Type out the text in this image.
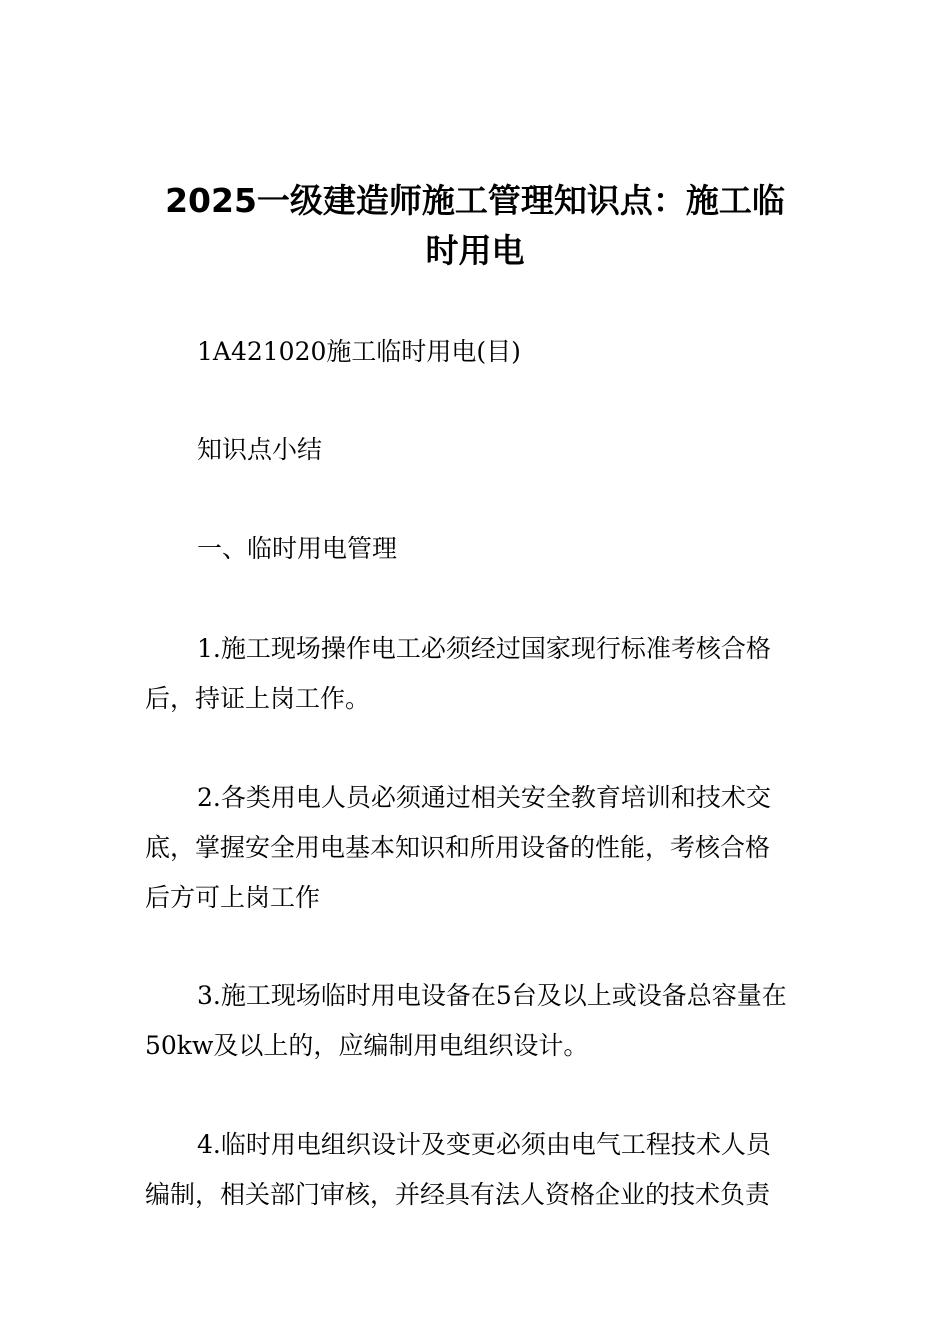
2025一级建造师施工管理知识点：施工临
时用电

1A421020施工临时用电(目)

知识点小结

一、临时用电管理

1.施工现场操作电工必须经过国家现行标准考核合格

后，持证上岗工作。

2.各类用电人员必须通过相关安全教育培训和技术交

底，掌握安全用电基本知识和所用设备的性能，考核合格

后方可上岗工作

3.施工现场临时用电设备在5台及以上或设备总容量在

50kw及以上的，应编制用电组织设计。

4.临时用电组织设计及变更必须由电气工程技术人员

编制，相关部门审核，并经具有法人资格企业的技术负责
